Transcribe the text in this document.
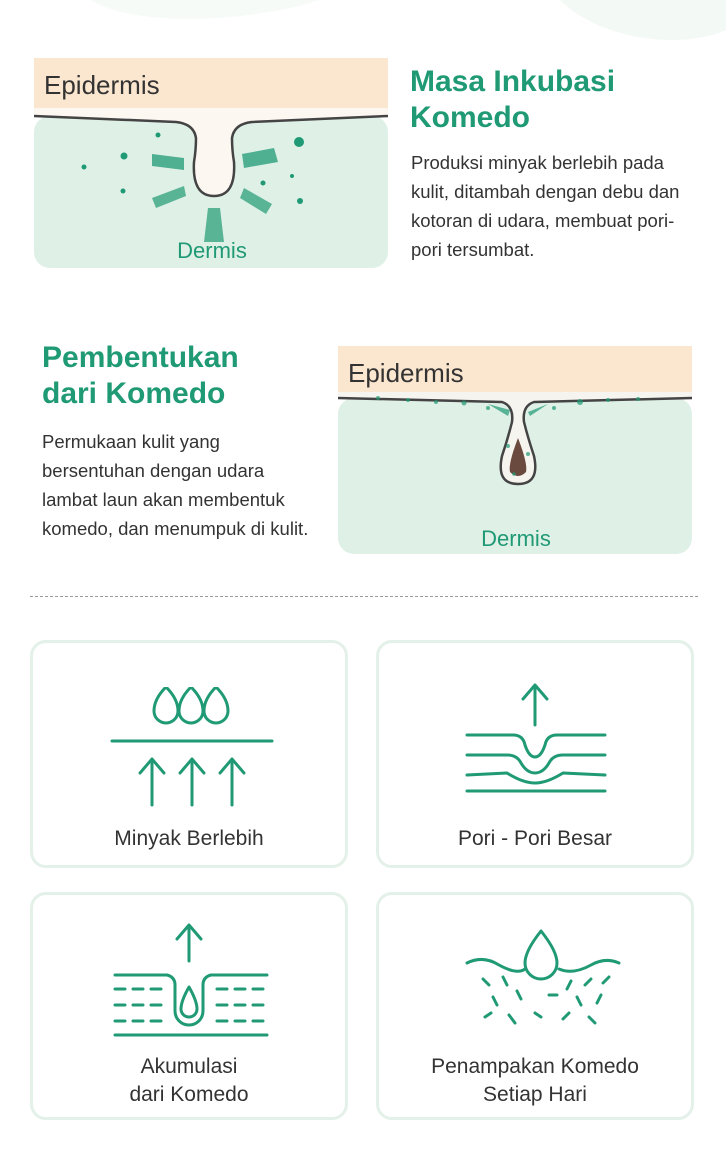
Epidermis
Dermis
Masa Inkubasi
Komedo

Produksi minyak berlebih pada kulit, ditambah dengan debu dan kotoran di udara, membuat pori-pori tersumbat.

Pembentukan
dari Komedo

Permukaan kulit yang bersentuhan dengan udara lambat laun akan membentuk komedo, dan menumpuk di kulit.

Epidermis
Dermis
Minyak Berlebih	Pori - Pori Besar
Akumulasi
dari Komedo
Penampakan Komedo
Setiap Hari
